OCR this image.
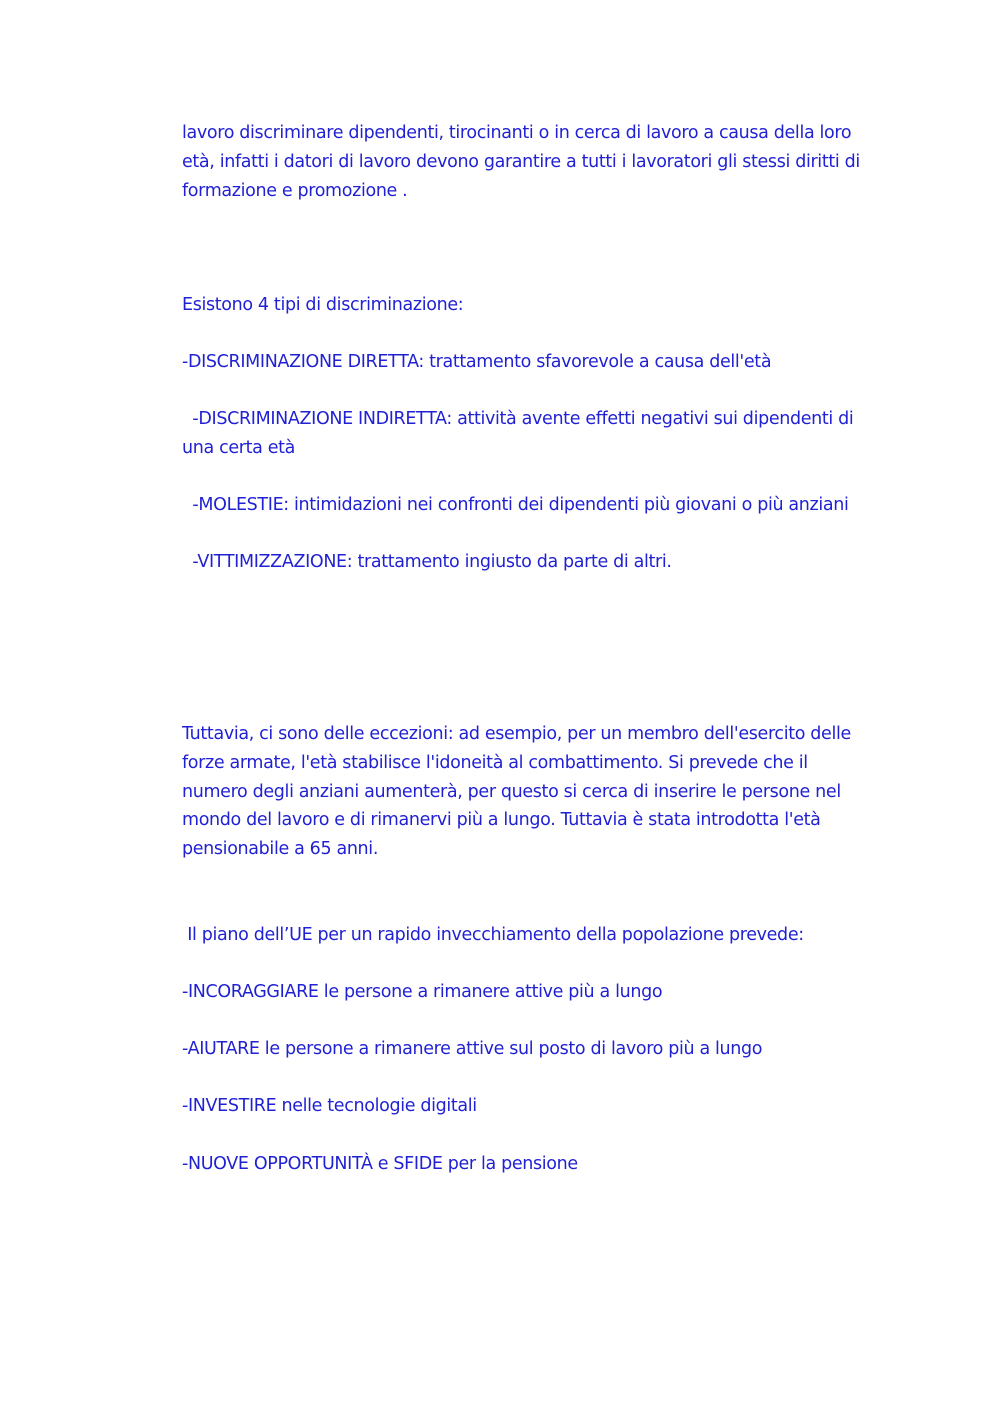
lavoro discriminare dipendenti, tirocinanti o in cerca di lavoro a causa della loro

età, infatti i datori di lavoro devono garantire a tutti i lavoratori gli stessi diritti di

formazione e promozione .

Esistono 4 tipi di discriminazione:

-DISCRIMINAZIONE DIRETTA: trattamento sfavorevole a causa dell'età

-DISCRIMINAZIONE INDIRETTA: attività avente effetti negativi sui dipendenti di

una certa età

-MOLESTIE: intimidazioni nei confronti dei dipendenti più giovani o più anziani

-VITTIMIZZAZIONE: trattamento ingiusto da parte di altri.

Tuttavia, ci sono delle eccezioni: ad esempio, per un membro dell'esercito delle

forze armate, l'età stabilisce l'idoneità al combattimento. Si prevede che il

numero degli anziani aumenterà, per questo si cerca di inserire le persone nel

mondo del lavoro e di rimanervi più a lungo. Tuttavia è stata introdotta l'età

pensionabile a 65 anni.

Il piano dell’UE per un rapido invecchiamento della popolazione prevede:

-INCORAGGIARE le persone a rimanere attive più a lungo

-AIUTARE le persone a rimanere attive sul posto di lavoro più a lungo

-INVESTIRE nelle tecnologie digitali

-NUOVE OPPORTUNITÀ e SFIDE per la pensione
